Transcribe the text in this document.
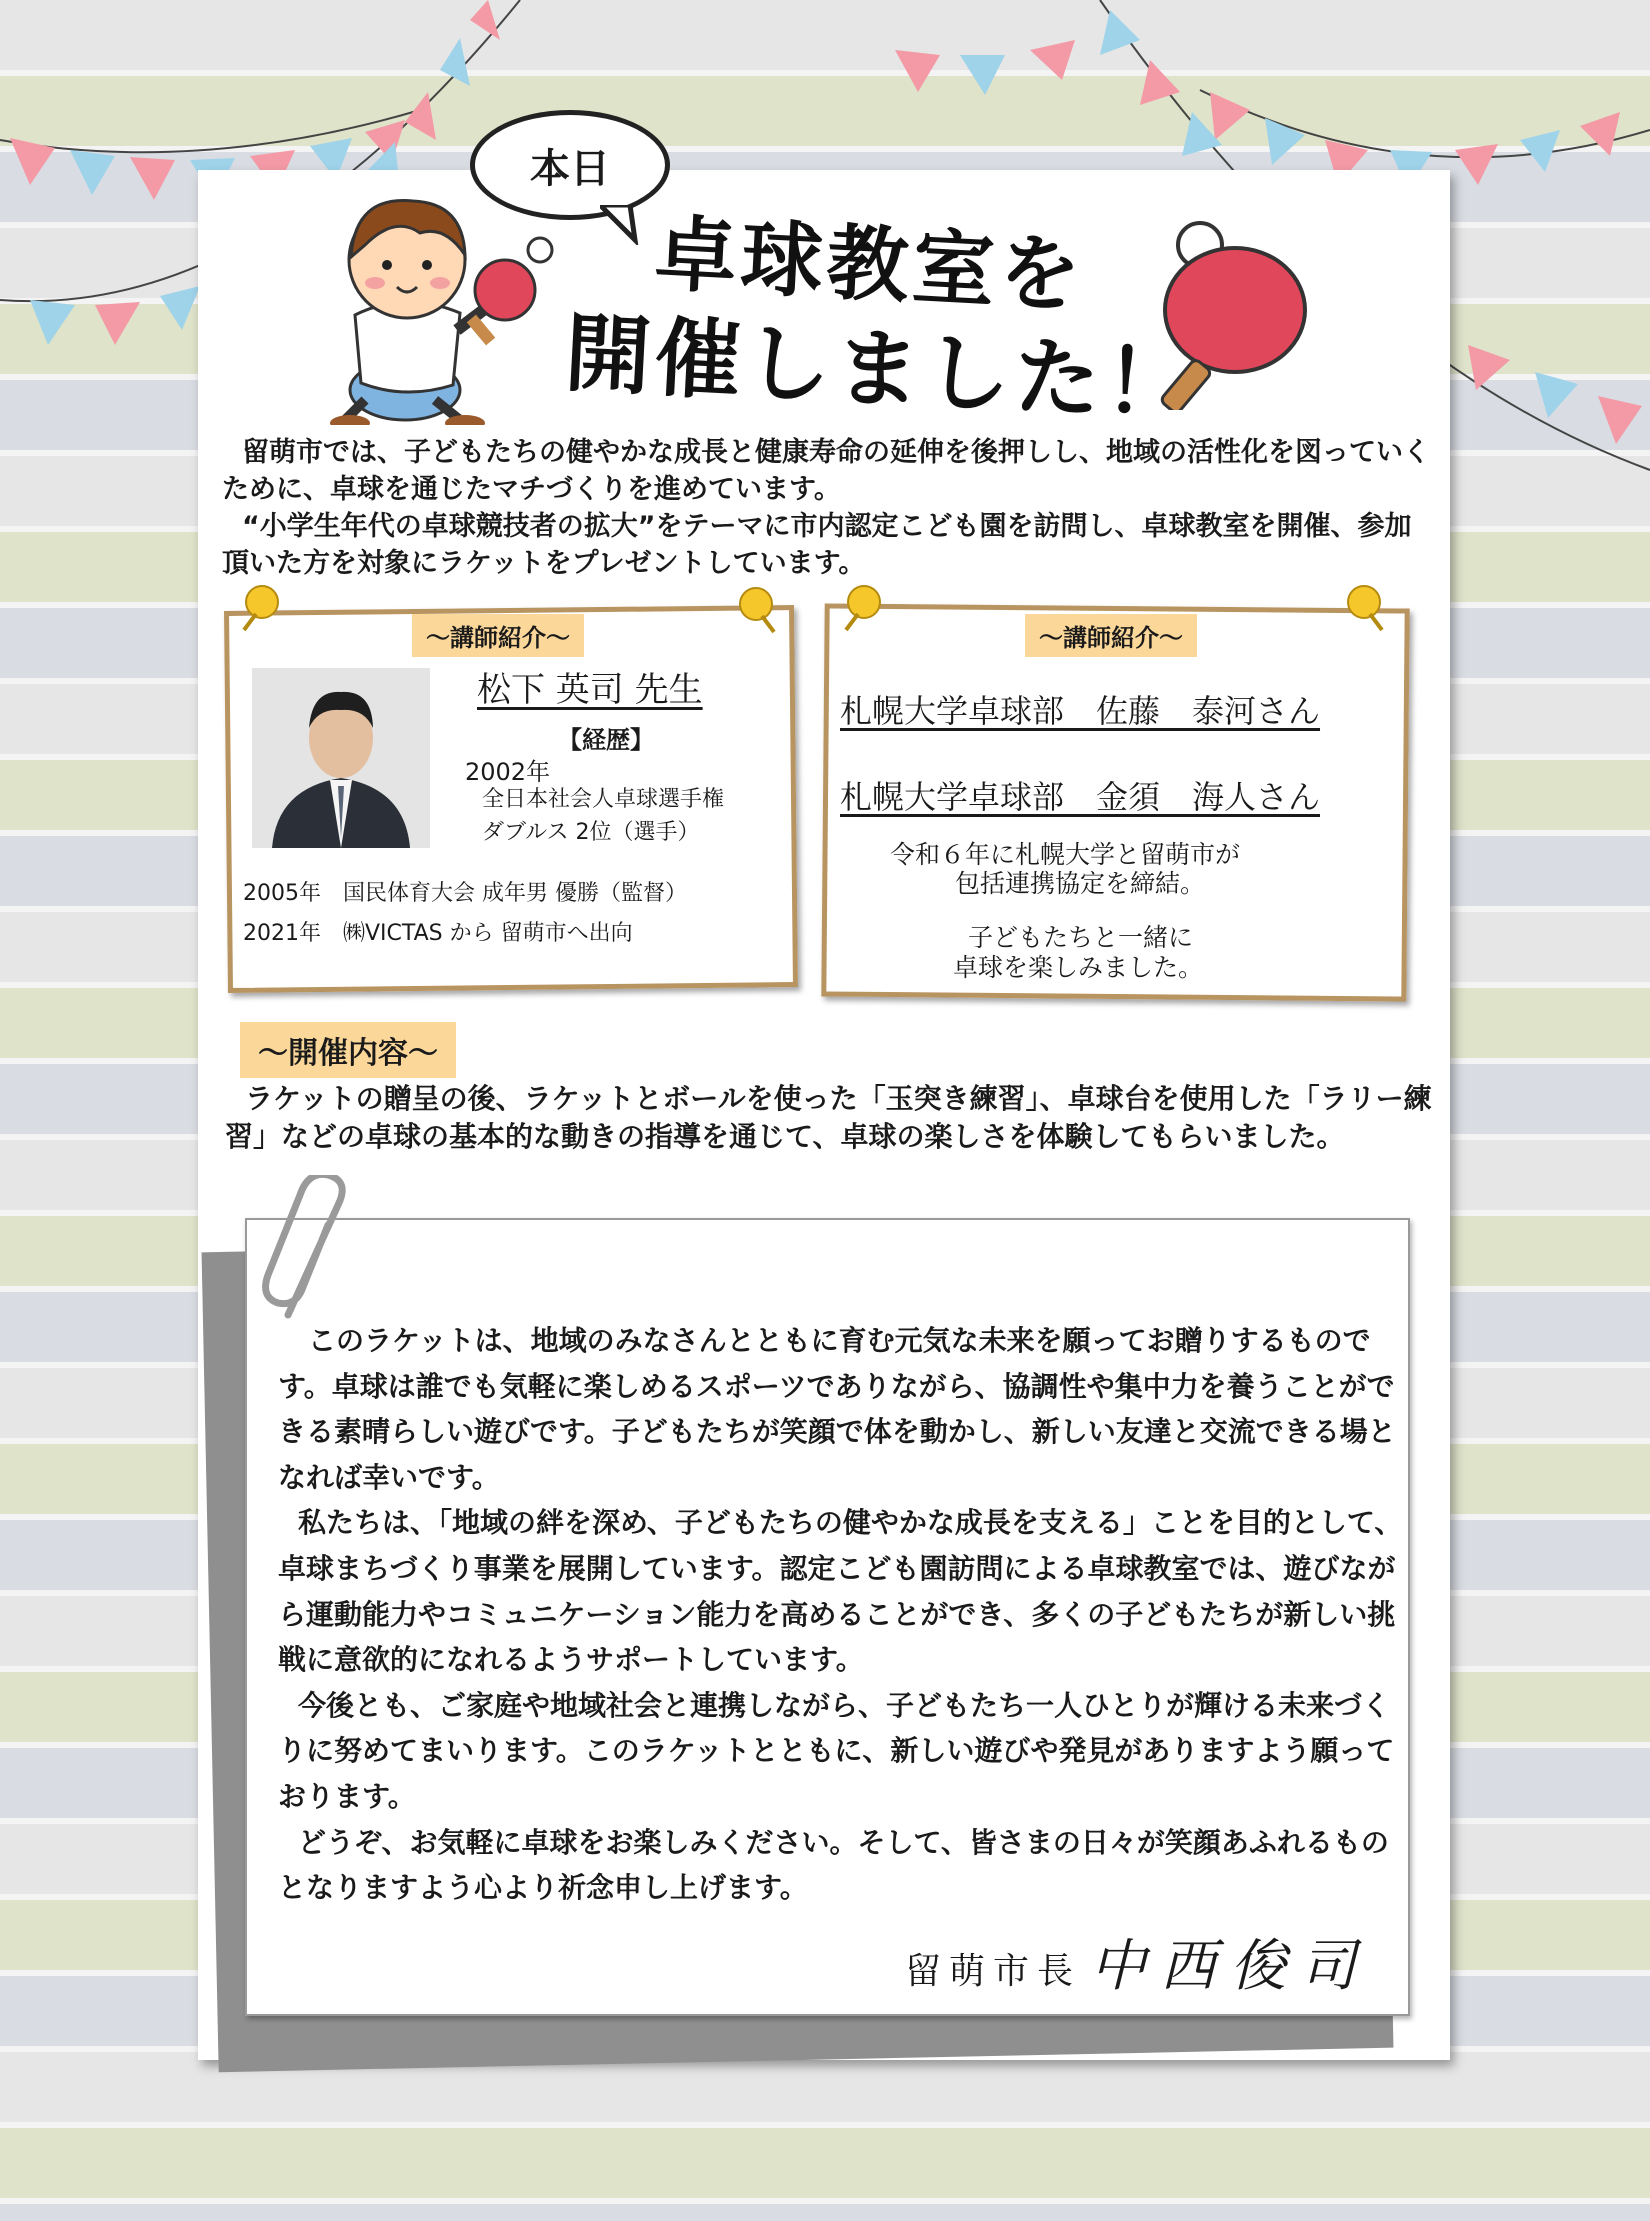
本日
卓球教室を
開催しました！

留萌市では、子どもたちの健やかな成長と健康寿命の延伸を後押しし、地域の活性化を図っていくために、卓球を通じたマチづくりを進めています。

“小学生年代の卓球競技者の拡大”をテーマに市内認定こども園を訪問し、卓球教室を開催、参加頂いた方を対象にラケットをプレゼントしています。

～講師紹介～
松下 英司 先生
【経歴】
2002年
全日本社会人卓球選手権
ダブルス 2位（選手）
2005年　国民体育大会 成年男 優勝（監督）
2021年　㈱VICTAS から 留萌市へ出向
～講師紹介～
札幌大学卓球部　佐藤　泰河さん
札幌大学卓球部　金須　海人さん
令和６年に札幌大学と留萌市が
包括連携協定を締結。
子どもたちと一緒に
卓球を楽しみました。
～開催内容～

ラケットの贈呈の後、ラケットとボールを使った「玉突き練習」、卓球台を使用した「ラリー練習」などの卓球の基本的な動きの指導を通じて、卓球の楽しさを体験してもらいました。

このラケットは、地域のみなさんとともに育む元気な未来を願ってお贈りするものです。卓球は誰でも気軽に楽しめるスポーツでありながら、協調性や集中力を養うことができる素晴らしい遊びです。子どもたちが笑顔で体を動かし、新しい友達と交流できる場となれば幸いです。

私たちは、「地域の絆を深め、子どもたちの健やかな成長を支える」ことを目的として、卓球まちづくり事業を展開しています。認定こども園訪問による卓球教室では、遊びながら運動能力やコミュニケーション能力を高めることができ、多くの子どもたちが新しい挑戦に意欲的になれるようサポートしています。

今後とも、ご家庭や地域社会と連携しながら、子どもたち一人ひとりが輝ける未来づくりに努めてまいります。このラケットとともに、新しい遊びや発見がありますよう願っております。

どうぞ、お気軽に卓球をお楽しみください。そして、皆さまの日々が笑顔あふれるものとなりますよう心より祈念申し上げます。

留萌市長 中西俊司
